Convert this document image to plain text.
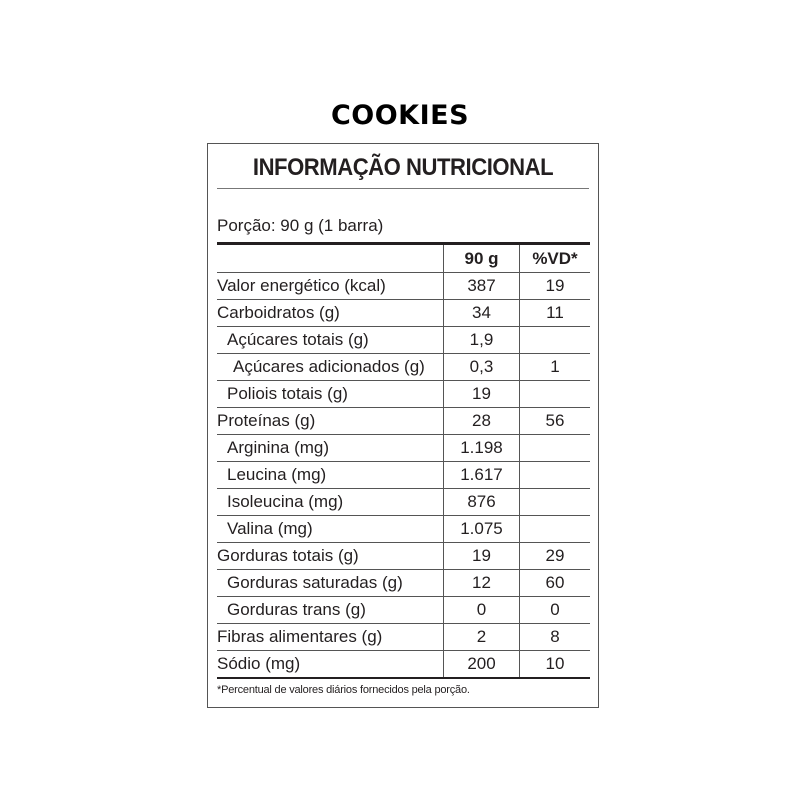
COOKIES
INFORMAÇÃO NUTRICIONAL
Porção: 90 g (1 barra)
	90 g	%VD*
Valor energético (kcal)	387	19
Carboidratos (g)	34	11
Açúcares totais (g)	1,9	
Açúcares adicionados (g)	0,3	1
Poliois totais (g)	19	
Proteínas (g)	28	56
Arginina (mg)	1.198	
Leucina (mg)	1.617	
Isoleucina (mg)	876	
Valina (mg)	1.075	
Gorduras totais (g)	19	29
Gorduras saturadas (g)	12	60
Gorduras trans (g)	0	0
Fibras alimentares (g)	2	8
Sódio (mg)	200	10
*Percentual de valores diários fornecidos pela porção.
